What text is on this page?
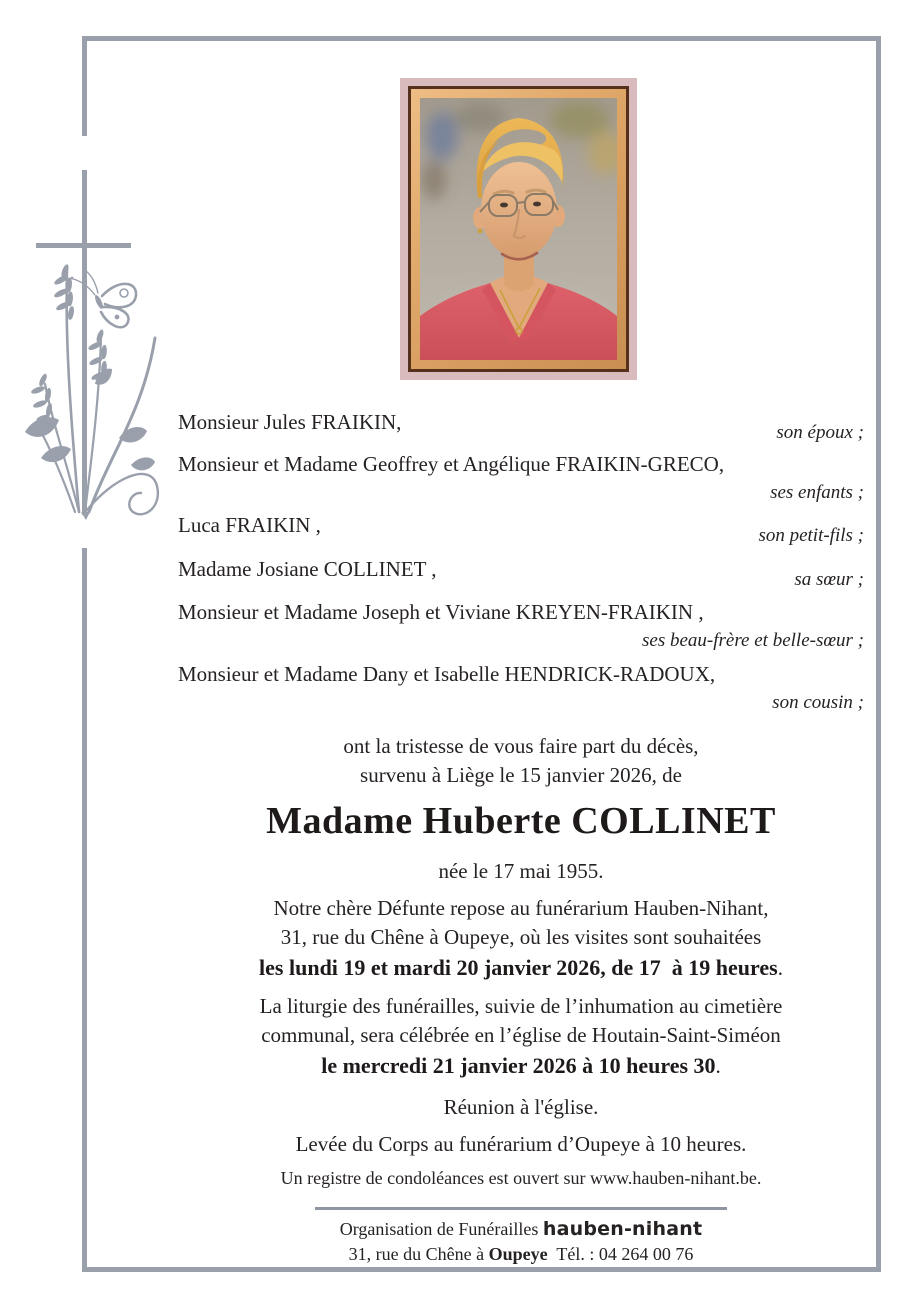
Monsieur Jules FRAIKIN,	son époux ;
Monsieur et Madame Geoffrey et Angélique FRAIKIN-GRECO,
ses enfants ;
Luca FRAIKIN ,	son petit-fils ;
Madame Josiane COLLINET ,	sa sœur ;
Monsieur et Madame Joseph et Viviane KREYEN-FRAIKIN ,
ses beau-frère et belle-sœur ;
Monsieur et Madame Dany et Isabelle HENDRICK-RADOUX,
son cousin ;
ont la tristesse de vous faire part du décès,
survenu à Liège le 15 janvier 2026, de
Madame Huberte COLLINET
née le 17 mai 1955.
Notre chère Défunte repose au funérarium Hauben-Nihant,
31, rue du Chêne à Oupeye, où les visites sont souhaitées
les lundi 19 et mardi 20 janvier 2026, de 17  à 19 heures.
La liturgie des funérailles, suivie de l’inhumation au cimetière
communal, sera célébrée en l’église de Houtain-Saint-Siméon
le mercredi 21 janvier 2026 à 10 heures 30.
Réunion à l'église.
Levée du Corps au funérarium d’Oupeye à 10 heures.
Un registre de condoléances est ouvert sur www.hauben-nihant.be.
Organisation de Funérailles hauben-nihant
31, rue du Chêne à Oupeye  Tél. : 04 264 00 76
